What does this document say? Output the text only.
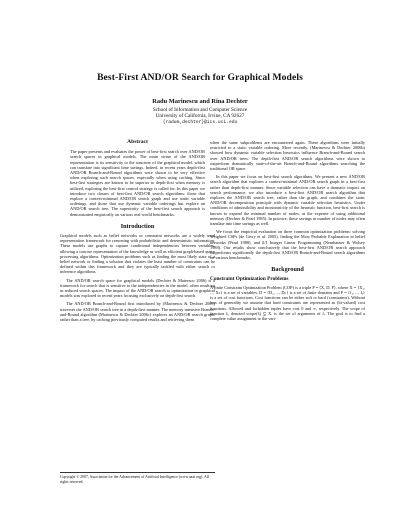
Best-First AND/OR Search for Graphical Models
Radu Marinescu and Rina Dechter
School of Information and Computer Science
University of California, Irvine, CA 92627
{radum,dechter}@ics.uci.edu
Abstract

The paper presents and evaluates the power of best-first search over AND/OR search spaces in graphical models. The main virtue of the AND/OR representation is its sensitivity to the structure of the graphical model, which can translate into significant time savings. Indeed, in recent years depth-first AND/OR Branch-and-Bound algorithms were shown to be very effective when exploring such search spaces, especially when using caching. Since best-first strategies are known to be superior to depth-first when memory is utilized, exploring the best-first control strategy is called for. In this paper we introduce two classes of best-first AND/OR search algorithms: those that explore a context-minimal AND/OR search graph and use static variable orderings, and those that use dynamic variable orderings but explore an AND/OR search tree. The superiority of the best-first search approach is demonstrated empirically on various real-world benchmarks.

Introduction

Graphical models such as belief networks or constraint networks are a widely used representation framework for reasoning with probabilistic and deterministic information. These models use graphs to capture conditional independencies between variables, allowing a concise representation of the knowledge as well as efficient graph-based query processing algorithms. Optimization problems such as finding the most likely state of a belief network or finding a solution that violates the least number of constraints can be defined within this framework and they are typically tackled with either search or inference algorithms.

The AND/OR search space for graphical models (Dechter & Mateescu 2006) is a framework for search that is sensitive to the independencies in the model, often resulting in reduced search spaces. The impact of the AND/OR search to optimization in graphical models was explored in recent years focusing exclusively on depth-first search.

The AND/OR Branch-and-Bound first introduced by (Marinescu & Dechter 2005) traverses the AND/OR search tree in a depth-first manner. The memory intensive Branch-and-Bound algorithm (Marinescu & Dechter 2006c) explores an AND/OR search graph, rather than a tree, by caching previously computed results and retrieving them

when the same subproblems are encountered again. These algorithms were initially restricted to a static variable ordering. More recently, (Marinescu & Dechter 2006b) showed how dynamic variable selection heuristics influence Branch-and-Bound search over AND/OR trees. The depth-first AND/OR search algorithms were shown to outperform dramatically state-of-the-art Branch-and-Bound algorithms searching the traditional OR space.

In this paper we focus on best-first search algorithms. We present a new AND/OR search algorithm that explores a context-minimal AND/OR search graph in a best-first rather than depth-first manner. Since variable selection can have a dramatic impact on search performance, we also introduce a best-first AND/OR search algorithm that explores the AND/OR search tree, rather than the graph, and combines the static AND/OR decomposition principle with dynamic variable selection heuristics. Under conditions of admissibility and monotonicity of the heuristic function, best-first search is known to expand the minimal number of nodes, at the expense of using additional memory (Dechter & Pearl 1985). In practice, these savings in number of nodes may often translate into time savings as well.

We focus the empirical evaluation on three common optimization problems: solving Weighted CSPs (de Givry et al. 2005), finding the Most Probable Explanation in belief networks (Pearl 1988), and 0/1 Integer Linear Programming (Nemhauser & Wolsey 1988). Our results show conclusively that the best-first AND/OR search approach outperforms significantly the depth-first AND/OR Branch-and-Bound search algorithms on various benchmarks.

Background
Constraint Optimization Problems

A finite Constraint Optimization Problem (COP) is a triple P = ⟨X, D, F⟩, where X = {X₁, ..., Xₙ} is a set of variables, D = {D₁, ..., Dₙ} is a set of finite domains and F = {f₁, ..., fᵣ} is a set of cost functions. Cost functions can be either soft or hard (constraints). Without loss of generality we assume that hard constraints are represented as (bi-valued) cost functions. Allowed and forbidden tuples have cost 0 and ∞, respectively. The scope of function fᵢ, denoted scope(fᵢ) ⊆ X, is the set of arguments of fᵢ. The goal is to find a complete value assignment to the vari-

Copyright © 2007, Association for the Advancement of Artificial Intelligence (www.aaai.org). All rights reserved.
